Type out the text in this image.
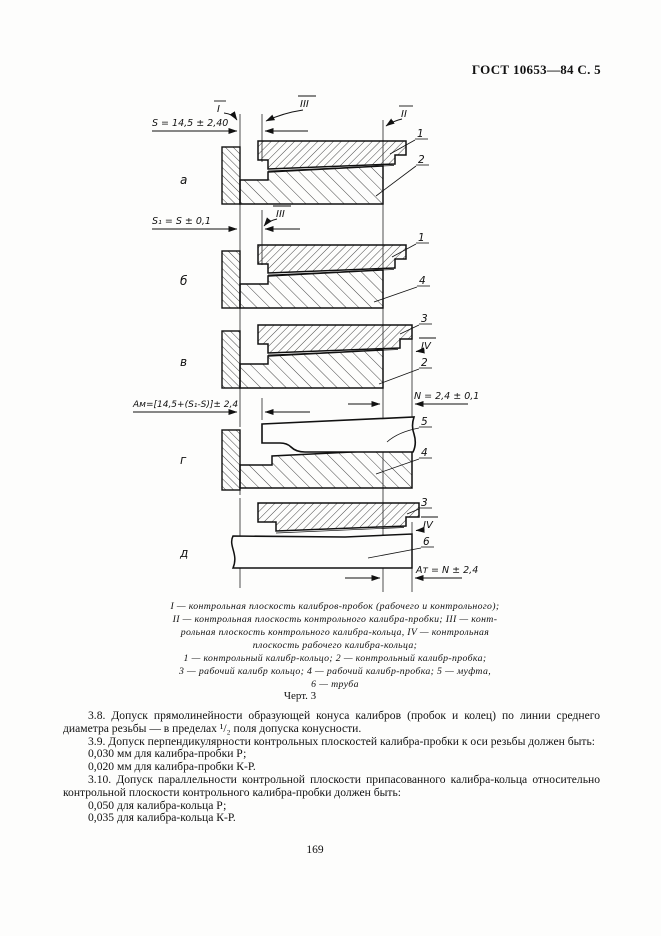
ГОСТ 10653—84 С. 5
а
1
2
S = 14,5 ± 2,40
I	III
II
III
S₁ = S ± 0,1
б
1
4
в
3
IV
2
N = 2,4 ± 0,1
Aм=[14,5+(S₁-S)]± 2,4
г
5
4
д
3
IV
6
Aт = N ± 2,4
I — контрольная плоскость калибров-пробок (рабочего и контрольного);
II — контрольная плоскость контрольного калибра-пробки; III — конт-
рольная плоскость контрольного калибра-кольца, IV — контрольная
плоскость рабочего калибра-кольца;
1 — контрольный калибр-кольцо; 2 — контрольный калибр-пробка;
3 — рабочий калибр кольцо; 4 — рабочий калибр-пробка; 5 — муфта,
6 — труба
Черт. 3

3.8. Допуск прямолинейности образующей конуса калибров (пробок и колец) по линии среднего диаметра резьбы — в пределах ¹/₂ поля допуска конусности.

3.9. Допуск перпендикулярности контрольных плоскостей калибра-пробки к оси резьбы должен быть:

0,030 мм для калибра-пробки Р;

0,020 мм для калибра-пробки К-Р.

3.10. Допуск параллельности контрольной плоскости припасованного калибра-кольца относительно контрольной плоскости контрольного калибра-пробки должен быть:

0,050 для калибра-кольца Р;

0,035 для калибра-кольца К-Р.

169
